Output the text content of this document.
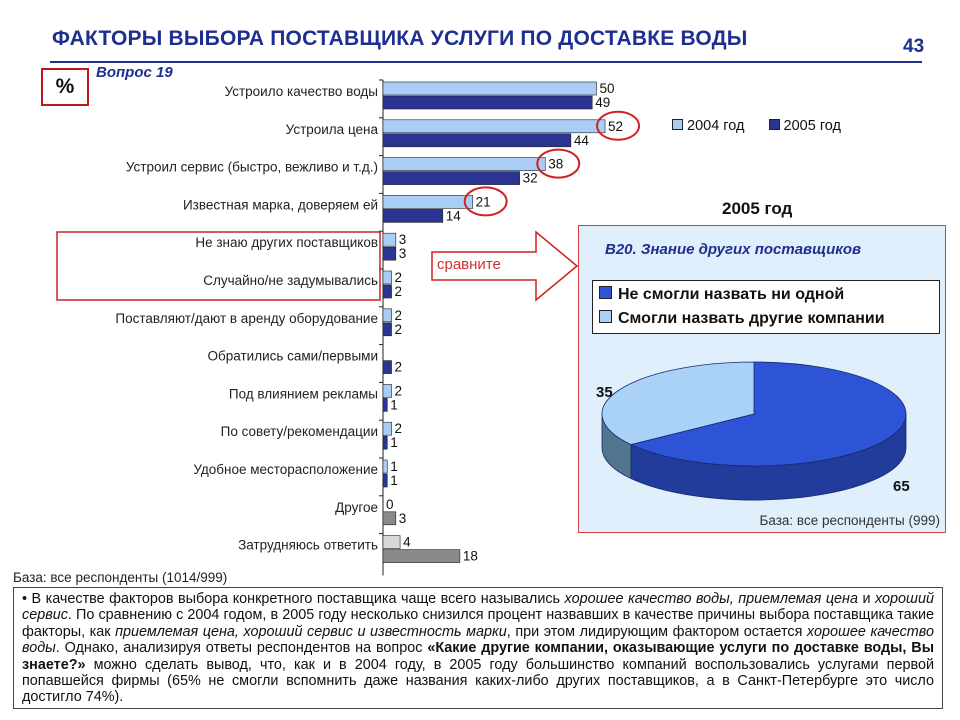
ФАКТОРЫ ВЫБОРА ПОСТАВЩИКА УСЛУГИ ПО ДОСТАВКЕ ВОДЫ	43
%
Вопрос 19
Устроило качество воды	50
49
Устроила цена	52
44
Устроил сервис (быстро, вежливо и т.д.)	38
32
Известная марка, доверяем ей	21
14
Не знаю других поставщиков 3
3
Случайно/не задумывались 2
2
Поставляют/дают в аренду оборудование 2
2
Обратились сами/первыми
2
Под влиянием рекламы 2
1
По совету/рекомендации 2
1
Удобное месторасположение 1
1
Другое 0
3
Затрудняюсь ответить 4
18
2004 год	2005 год
сравните
2005 год
B20. Знание других поставщиков
Не смогли назвать ни одной
Смогли назвать другие компании
35
65
База: все респонденты (999)
База: все респонденты (1014/999)
• В качестве факторов выбора конкретного поставщика чаще всего назывались хорошее качество воды, приемлемая цена и хороший сервис. По сравнению с 2004 годом, в 2005 году несколько снизился процент назвавших в качестве причины выбора поставщика такие факторы, как приемлемая цена, хороший сервис и известность марки, при этом лидирующим фактором остается хорошее качество воды. Однако, анализируя ответы респондентов на вопрос «Какие другие компании, оказывающие услуги по доставке воды, Вы знаете?» можно сделать вывод, что, как и в 2004 году, в 2005 году большинство компаний воспользовались услугами первой попавшейся фирмы (65% не смогли вспомнить даже названия каких-либо других поставщиков, а в Санкт-Петербурге это число достигло 74%).
